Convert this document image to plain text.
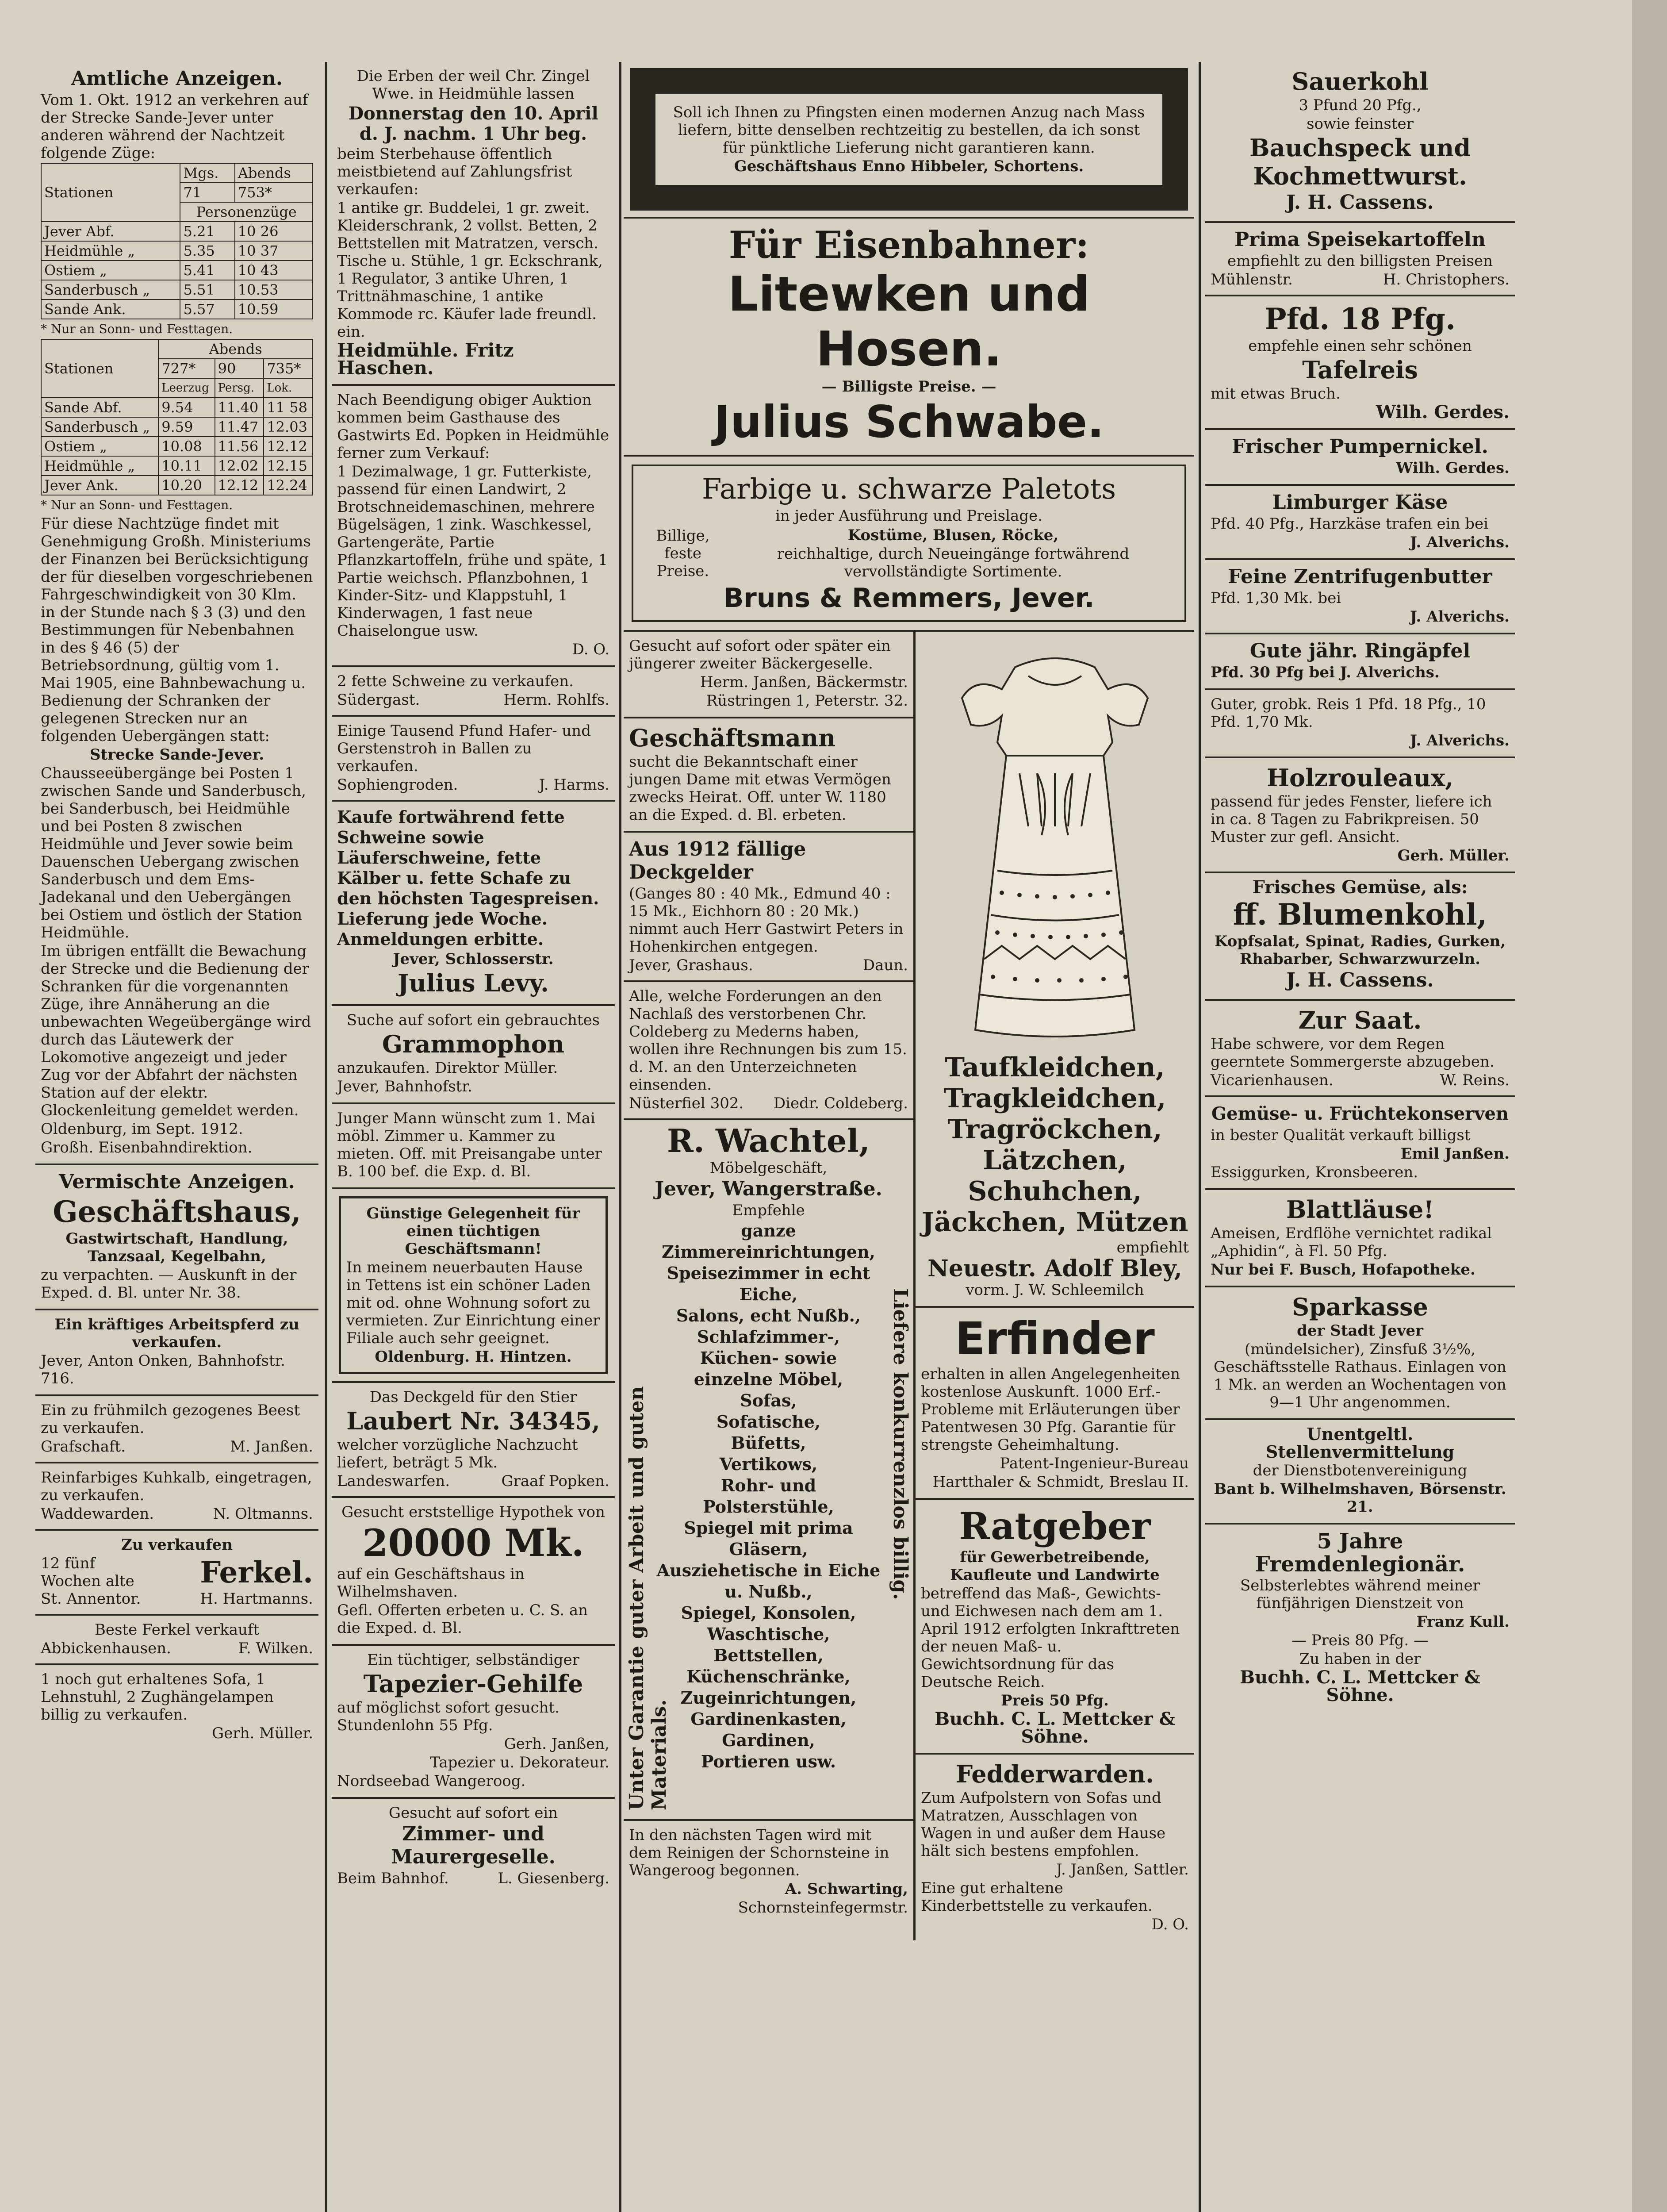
Amtliche Anzeigen.

Vom 1. Okt. 1912 an verkehren auf der Strecke Sande-Jever unter anderen während der Nachtzeit folgende Züge:

Stationen	Mgs.	Abends
	71	753*
	Personenzüge	
Jever Abf.	5.21	10 26
Heidmühle „	5.35	10 37
Ostiem „	5.41	10 43
Sanderbusch „	5.51	10.53
Sande Ank.	5.57	10.59

* Nur an Sonn- und Festtagen.

Stationen	Abends		
	727*	90	735*
	Leerzug	Persg.	Lok.
Sande Abf.	9.54	11.40	11 58
Sanderbusch „	9.59	11.47	12.03
Ostiem „	10.08	11.56	12.12
Heidmühle „	10.11	12.02	12.15
Jever Ank.	10.20	12.12	12.24

* Nur an Sonn- und Festtagen.

Für diese Nachtzüge findet mit Genehmigung Großh. Ministeriums der Finanzen bei Berücksichtigung der für dieselben vorgeschriebenen Fahrgeschwindigkeit von 30 Klm. in der Stunde nach § 3 (3) und den Bestimmungen für Nebenbahnen in des § 46 (5) der Betriebsordnung, gültig vom 1. Mai 1905, eine Bahnbewachung u. Bedienung der Schranken der gelegenen Strecken nur an folgenden Uebergängen statt:

Strecke Sande-Jever.

Chausseeübergänge bei Posten 1 zwischen Sande und Sanderbusch, bei Sanderbusch, bei Heidmühle und bei Posten 8 zwischen Heidmühle und Jever sowie beim Dauenschen Uebergang zwischen Sanderbusch und dem Ems-Jadekanal und den Uebergängen bei Ostiem und östlich der Station Heidmühle.

Im übrigen entfällt die Bewachung der Strecke und die Bedienung der Schranken für die vorgenannten Züge, ihre Annäherung an die unbewachten Wegeübergänge wird durch das Läutewerk der Lokomotive angezeigt und jeder Zug vor der Abfahrt der nächsten Station auf der elektr. Glockenleitung gemeldet werden.

Oldenburg, im Sept. 1912.

Großh. Eisenbahndirektion.

Vermischte Anzeigen.

Geschäftshaus,

Gastwirtschaft, Handlung, Tanzsaal, Kegelbahn,

zu verpachten. — Auskunft in der Exped. d. Bl. unter Nr. 38.

Ein kräftiges Arbeitspferd zu verkaufen.

Jever, Anton Onken, Bahnhofstr. 716.

Ein zu frühmilch gezogenes Beest zu verkaufen.

Grafschaft.	M. Janßen.

Reinfarbiges Kuhkalb, eingetragen, zu verkaufen.

Waddewarden.	N. Oltmanns.

Zu verkaufen

12 fünf Wochen alte	Ferkel.
St. Annentor.	H. Hartmanns.

Beste Ferkel verkauft

Abbickenhausen.	F. Wilken.

1 noch gut erhaltenes Sofa, 1 Lehnstuhl, 2 Zughängelampen billig zu verkaufen.

Gerh. Müller.

Die Erben der weil Chr. Zingel Wwe. in Heidmühle lassen

Donnerstag den 10. April d. J. nachm. 1 Uhr beg.

beim Sterbehause öffentlich meistbietend auf Zahlungsfrist verkaufen:

1 antike gr. Buddelei, 1 gr. zweit. Kleiderschrank, 2 vollst. Betten, 2 Bettstellen mit Matratzen, versch. Tische u. Stühle, 1 gr. Eckschrank, 1 Regulator, 3 antike Uhren, 1 Trittnähmaschine, 1 antike Kommode rc. Käufer lade freundl. ein.

Heidmühle. Fritz Haschen.

Nach Beendigung obiger Auktion kommen beim Gasthause des Gastwirts Ed. Popken in Heidmühle ferner zum Verkauf:

1 Dezimalwage, 1 gr. Futterkiste, passend für einen Landwirt, 2 Brotschneidemaschinen, mehrere Bügelsägen, 1 zink. Waschkessel, Gartengeräte, Partie Pflanzkartoffeln, frühe und späte, 1 Partie weichsch. Pflanzbohnen, 1 Kinder-Sitz- und Klappstuhl, 1 Kinderwagen, 1 fast neue Chaiselongue usw.

D. O.

2 fette Schweine zu verkaufen.

Südergast.	Herm. Rohlfs.

Einige Tausend Pfund Hafer- und Gerstenstroh in Ballen zu verkaufen.

Sophiengroden.	J. Harms.

Kaufe fortwährend fette Schweine sowie Läuferschweine, fette Kälber u. fette Schafe zu den höchsten Tagespreisen. Lieferung jede Woche. Anmeldungen erbitte.

Jever, Schlosserstr.

Julius Levy.

Suche auf sofort ein gebrauchtes

Grammophon

anzukaufen. Direktor Müller.

Jever, Bahnhofstr.

Junger Mann wünscht zum 1. Mai möbl. Zimmer u. Kammer zu mieten. Off. mit Preisangabe unter B. 100 bef. die Exp. d. Bl.

Günstige Gelegenheit für einen tüchtigen Geschäftsmann!

In meinem neuerbauten Hause in Tettens ist ein schöner Laden mit od. ohne Wohnung sofort zu vermieten. Zur Einrichtung einer Filiale auch sehr geeignet.

Oldenburg. H. Hintzen.

Das Deckgeld für den Stier

Laubert Nr. 34345,

welcher vorzügliche Nachzucht liefert, beträgt 5 Mk.

Landeswarfen.	Graaf Popken.

Gesucht erststellige Hypothek von

20000 Mk.

auf ein Geschäftshaus in Wilhelmshaven.

Gefl. Offerten erbeten u. C. S. an die Exped. d. Bl.

Ein tüchtiger, selbständiger

Tapezier-Gehilfe

auf möglichst sofort gesucht. Stundenlohn 55 Pfg.

Gerh. Janßen,

Tapezier u. Dekorateur.

Nordseebad Wangeroog.

Gesucht auf sofort ein

Zimmer- und Maurergeselle.

Beim Bahnhof.	L. Giesenberg.

Soll ich Ihnen zu Pfingsten einen modernen Anzug nach Mass liefern, bitte denselben rechtzeitig zu bestellen, da ich sonst für pünktliche Lieferung nicht garantieren kann.

Geschäftshaus Enno Hibbeler, Schortens.

Für Eisenbahner:

Litewken und Hosen.

— Billigste Preise. —

Julius Schwabe.

Farbige u. schwarze Paletots

in jeder Ausführung und Preislage.

Billige, feste Preise.

Kostüme, Blusen, Röcke,

reichhaltige, durch Neueingänge fortwährend vervollständigte Sortimente.

Bruns & Remmers, Jever.

Gesucht auf sofort oder später ein jüngerer zweiter Bäckergeselle.

Herm. Janßen, Bäckermstr.

Rüstringen 1, Peterstr. 32.

Geschäftsmann

sucht die Bekanntschaft einer jungen Dame mit etwas Vermögen zwecks Heirat. Off. unter W. 1180 an die Exped. d. Bl. erbeten.

Aus 1912 fällige Deckgelder

(Ganges 80 : 40 Mk., Edmund 40 : 15 Mk., Eichhorn 80 : 20 Mk.) nimmt auch Herr Gastwirt Peters in Hohenkirchen entgegen.

Jever, Grashaus.	Daun.

Alle, welche Forderungen an den Nachlaß des verstorbenen Chr. Coldeberg zu Mederns haben, wollen ihre Rechnungen bis zum 15. d. M. an den Unterzeichneten einsenden.

Nüsterfiel 302. Diedr. Coldeberg.
Unter Garantie guter Arbeit und guten Materials.
Liefere konkurrenzlos billig.

R. Wachtel,

Möbelgeschäft,

Jever, Wangerstraße.

Empfehle

ganze Zimmereinrichtungen,
Speisezimmer in echt Eiche,
Salons, echt Nußb.,
Schlafzimmer-,
Küchen- sowie
einzelne Möbel,
Sofas,
Sofatische,
Büfetts,
Vertikows,
Rohr- und Polsterstühle,
Spiegel mit prima Gläsern,
Ausziehetische in Eiche u. Nußb.,
Spiegel, Konsolen,
Waschtische,
Bettstellen,
Küchenschränke,
Zugeinrichtungen,
Gardinenkasten,
Gardinen,
Portieren usw.

In den nächsten Tagen wird mit dem Reinigen der Schornsteine in Wangeroog begonnen.

A. Schwarting,

Schornsteinfegermstr.

Taufkleidchen,
Tragkleidchen,
Tragröckchen,
Lätzchen,
Schuhchen,
Jäckchen, Mützen

empfiehlt

Neuestr. Adolf Bley,

vorm. J. W. Schleemilch

Erfinder

erhalten in allen Angelegenheiten kostenlose Auskunft. 1000 Erf.-Probleme mit Erläuterungen über Patentwesen 30 Pfg. Garantie für strengste Geheimhaltung.

Patent-Ingenieur-Bureau

Hartthaler & Schmidt, Breslau II.

Ratgeber

für Gewerbetreibende, Kaufleute und Landwirte

betreffend das Maß-, Gewichts- und Eichwesen nach dem am 1. April 1912 erfolgten Inkrafttreten der neuen Maß- u. Gewichtsordnung für das Deutsche Reich.

Preis 50 Pfg.

Buchh. C. L. Mettcker & Söhne.

Fedderwarden.

Zum Aufpolstern von Sofas und Matratzen, Ausschlagen von Wagen in und außer dem Hause hält sich bestens empfohlen.

J. Janßen, Sattler.

Eine gut erhaltene Kinderbettstelle zu verkaufen.

D. O.

Sauerkohl

3 Pfund 20 Pfg.,

sowie feinster

Bauchspeck und Kochmettwurst.

J. H. Cassens.

Prima Speisekartoffeln

empfiehlt zu den billigsten Preisen

Mühlenstr.	H. Christophers.

Pfd. 18 Pfg.

empfehle einen sehr schönen

Tafelreis

mit etwas Bruch.

Wilh. Gerdes.

Frischer Pumpernickel.

Wilh. Gerdes.

Limburger Käse

Pfd. 40 Pfg., Harzkäse trafen ein bei

J. Alverichs.

Feine Zentrifugenbutter

Pfd. 1,30 Mk. bei

J. Alverichs.

Gute jähr. Ringäpfel

Pfd. 30 Pfg bei J. Alverichs.

Guter, grobk. Reis 1 Pfd. 18 Pfg., 10 Pfd. 1,70 Mk.

J. Alverichs.

Holzrouleaux,

passend für jedes Fenster, liefere ich in ca. 8 Tagen zu Fabrikpreisen. 50 Muster zur gefl. Ansicht.

Gerh. Müller.

Frisches Gemüse, als:

ff. Blumenkohl,

Kopfsalat, Spinat, Radies, Gurken, Rhabarber, Schwarzwurzeln.

J. H. Cassens.

Zur Saat.

Habe schwere, vor dem Regen geerntete Sommergerste abzugeben.

Vicarienhausen.	W. Reins.

Gemüse- u. Früchtekonserven

in bester Qualität verkauft billigst

Emil Janßen.

Essiggurken, Kronsbeeren.

Blattläuse!

Ameisen, Erdflöhe vernichtet radikal „Aphidin“, à Fl. 50 Pfg.

Nur bei F. Busch, Hofapotheke.

Sparkasse

der Stadt Jever

(mündelsicher), Zinsfuß 3½%, Geschäftsstelle Rathaus. Einlagen von 1 Mk. an werden an Wochentagen von 9—1 Uhr angenommen.

Unentgeltl. Stellenvermittelung

der Dienstbotenvereinigung

Bant b. Wilhelmshaven, Börsenstr. 21.

5 Jahre Fremdenlegionär.

Selbsterlebtes während meiner fünfjährigen Dienstzeit von

Franz Kull.

— Preis 80 Pfg. —

Zu haben in der

Buchh. C. L. Mettcker & Söhne.
